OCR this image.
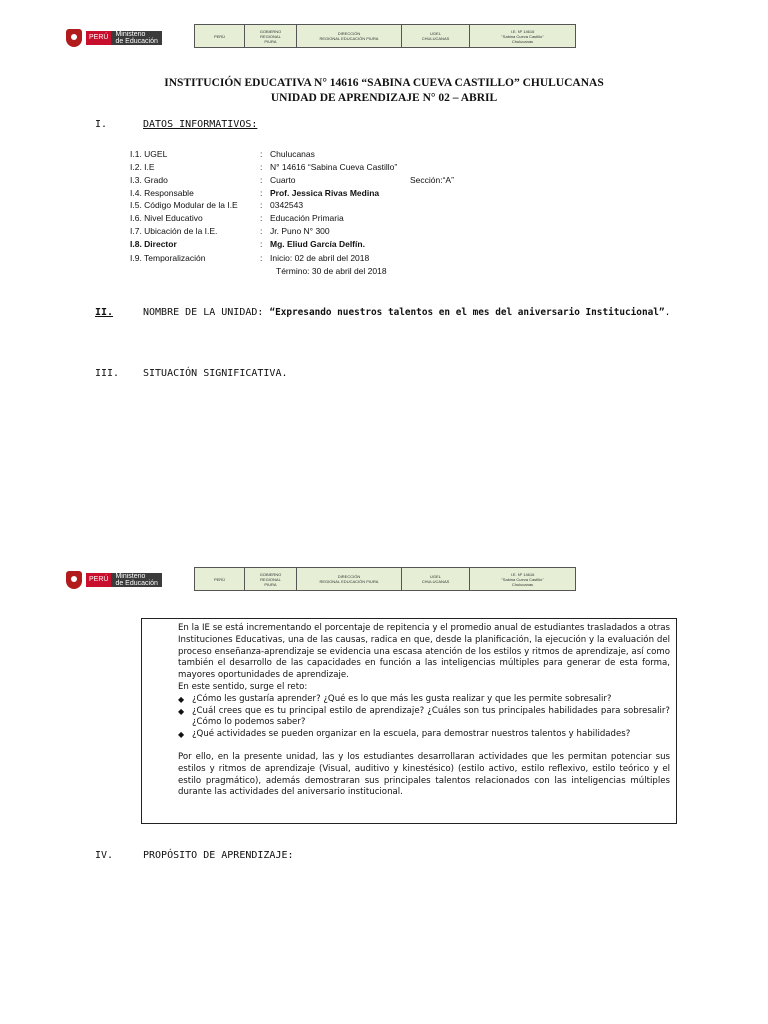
PERÚ	Ministerio
de Educación
PERÚ
GOBIERNO
REGIONAL
PIURA
DIRECCIÓN
REGIONAL EDUCACIÓN PIURA
UGEL
CHULUCANAS
I.E. Nº 14616
"Sabina Cueva Castillo"
Chulucanas
INSTITUCIÓN EDUCATIVA N° 14616 “SABINA CUEVA CASTILLO” CHULUCANAS
UNIDAD DE APRENDIZAJE N° 02 – ABRIL
I.	DATOS INFORMATIVOS:
I.1. UGEL	: Chulucanas
I.2. I.E	: N° 14616 “Sabina Cueva Castillo”
I.3. Grado	: Cuarto	Sección:“A”
I.4. Responsable	: Prof. Jessica Rivas Medina
I.5. Código Modular de la I.E	: 0342543
I.6. Nivel Educativo	: Educación Primaria
I.7. Ubicación de la I.E.	: Jr. Puno N° 300
I.8. Director	: Mg. Eliud García Delfín.
I.9. Temporalización	: Inicio: 02 de abril del 2018
Término: 30 de abril del 2018
II.	NOMBRE DE LA UNIDAD: “Expresando nuestros talentos en el mes del aniversario Institucional”.
III. SITUACIÓN SIGNIFICATIVA.
PERÚ	Ministerio
de Educación
PERÚ
GOBIERNO
REGIONAL
PIURA
DIRECCIÓN
REGIONAL EDUCACIÓN PIURA
UGEL
CHULUCANAS
I.E. Nº 14616
"Sabina Cueva Castillo"
Chulucanas

En la IE se está incrementando el porcentaje de repitencia y el promedio anual de estudiantes trasladados a otras Instituciones Educativas, una de las causas, radica en que, desde la planificación, la ejecución y la evaluación del proceso enseñanza-aprendizaje se evidencia una escasa atención de los estilos y ritmos de aprendizaje, así como también el desarrollo de las capacidades en función a las inteligencias múltiples para generar de esta forma, mayores oportunidades de aprendizaje.

En este sentido, surge el reto:

◆ ¿Cómo les gustaría aprender? ¿Qué es lo que más les gusta realizar y que les permite sobresalir?
◆ ¿Cuál crees que es tu principal estilo de aprendizaje? ¿Cuáles son tus principales habilidades para sobresalir? ¿Cómo lo podemos saber?
◆ ¿Qué actividades se pueden organizar en la escuela, para demostrar nuestros talentos y habilidades?

Por ello, en la presente unidad, las y los estudiantes desarrollaran actividades que les permitan potenciar sus estilos y ritmos de aprendizaje (Visual, auditivo y kinestésico) (estilo activo, estilo reflexivo, estilo teórico y el estilo pragmático), además demostraran sus principales talentos relacionados con las inteligencias múltiples durante las actividades del aniversario institucional.

IV.	PROPÓSITO DE APRENDIZAJE:
